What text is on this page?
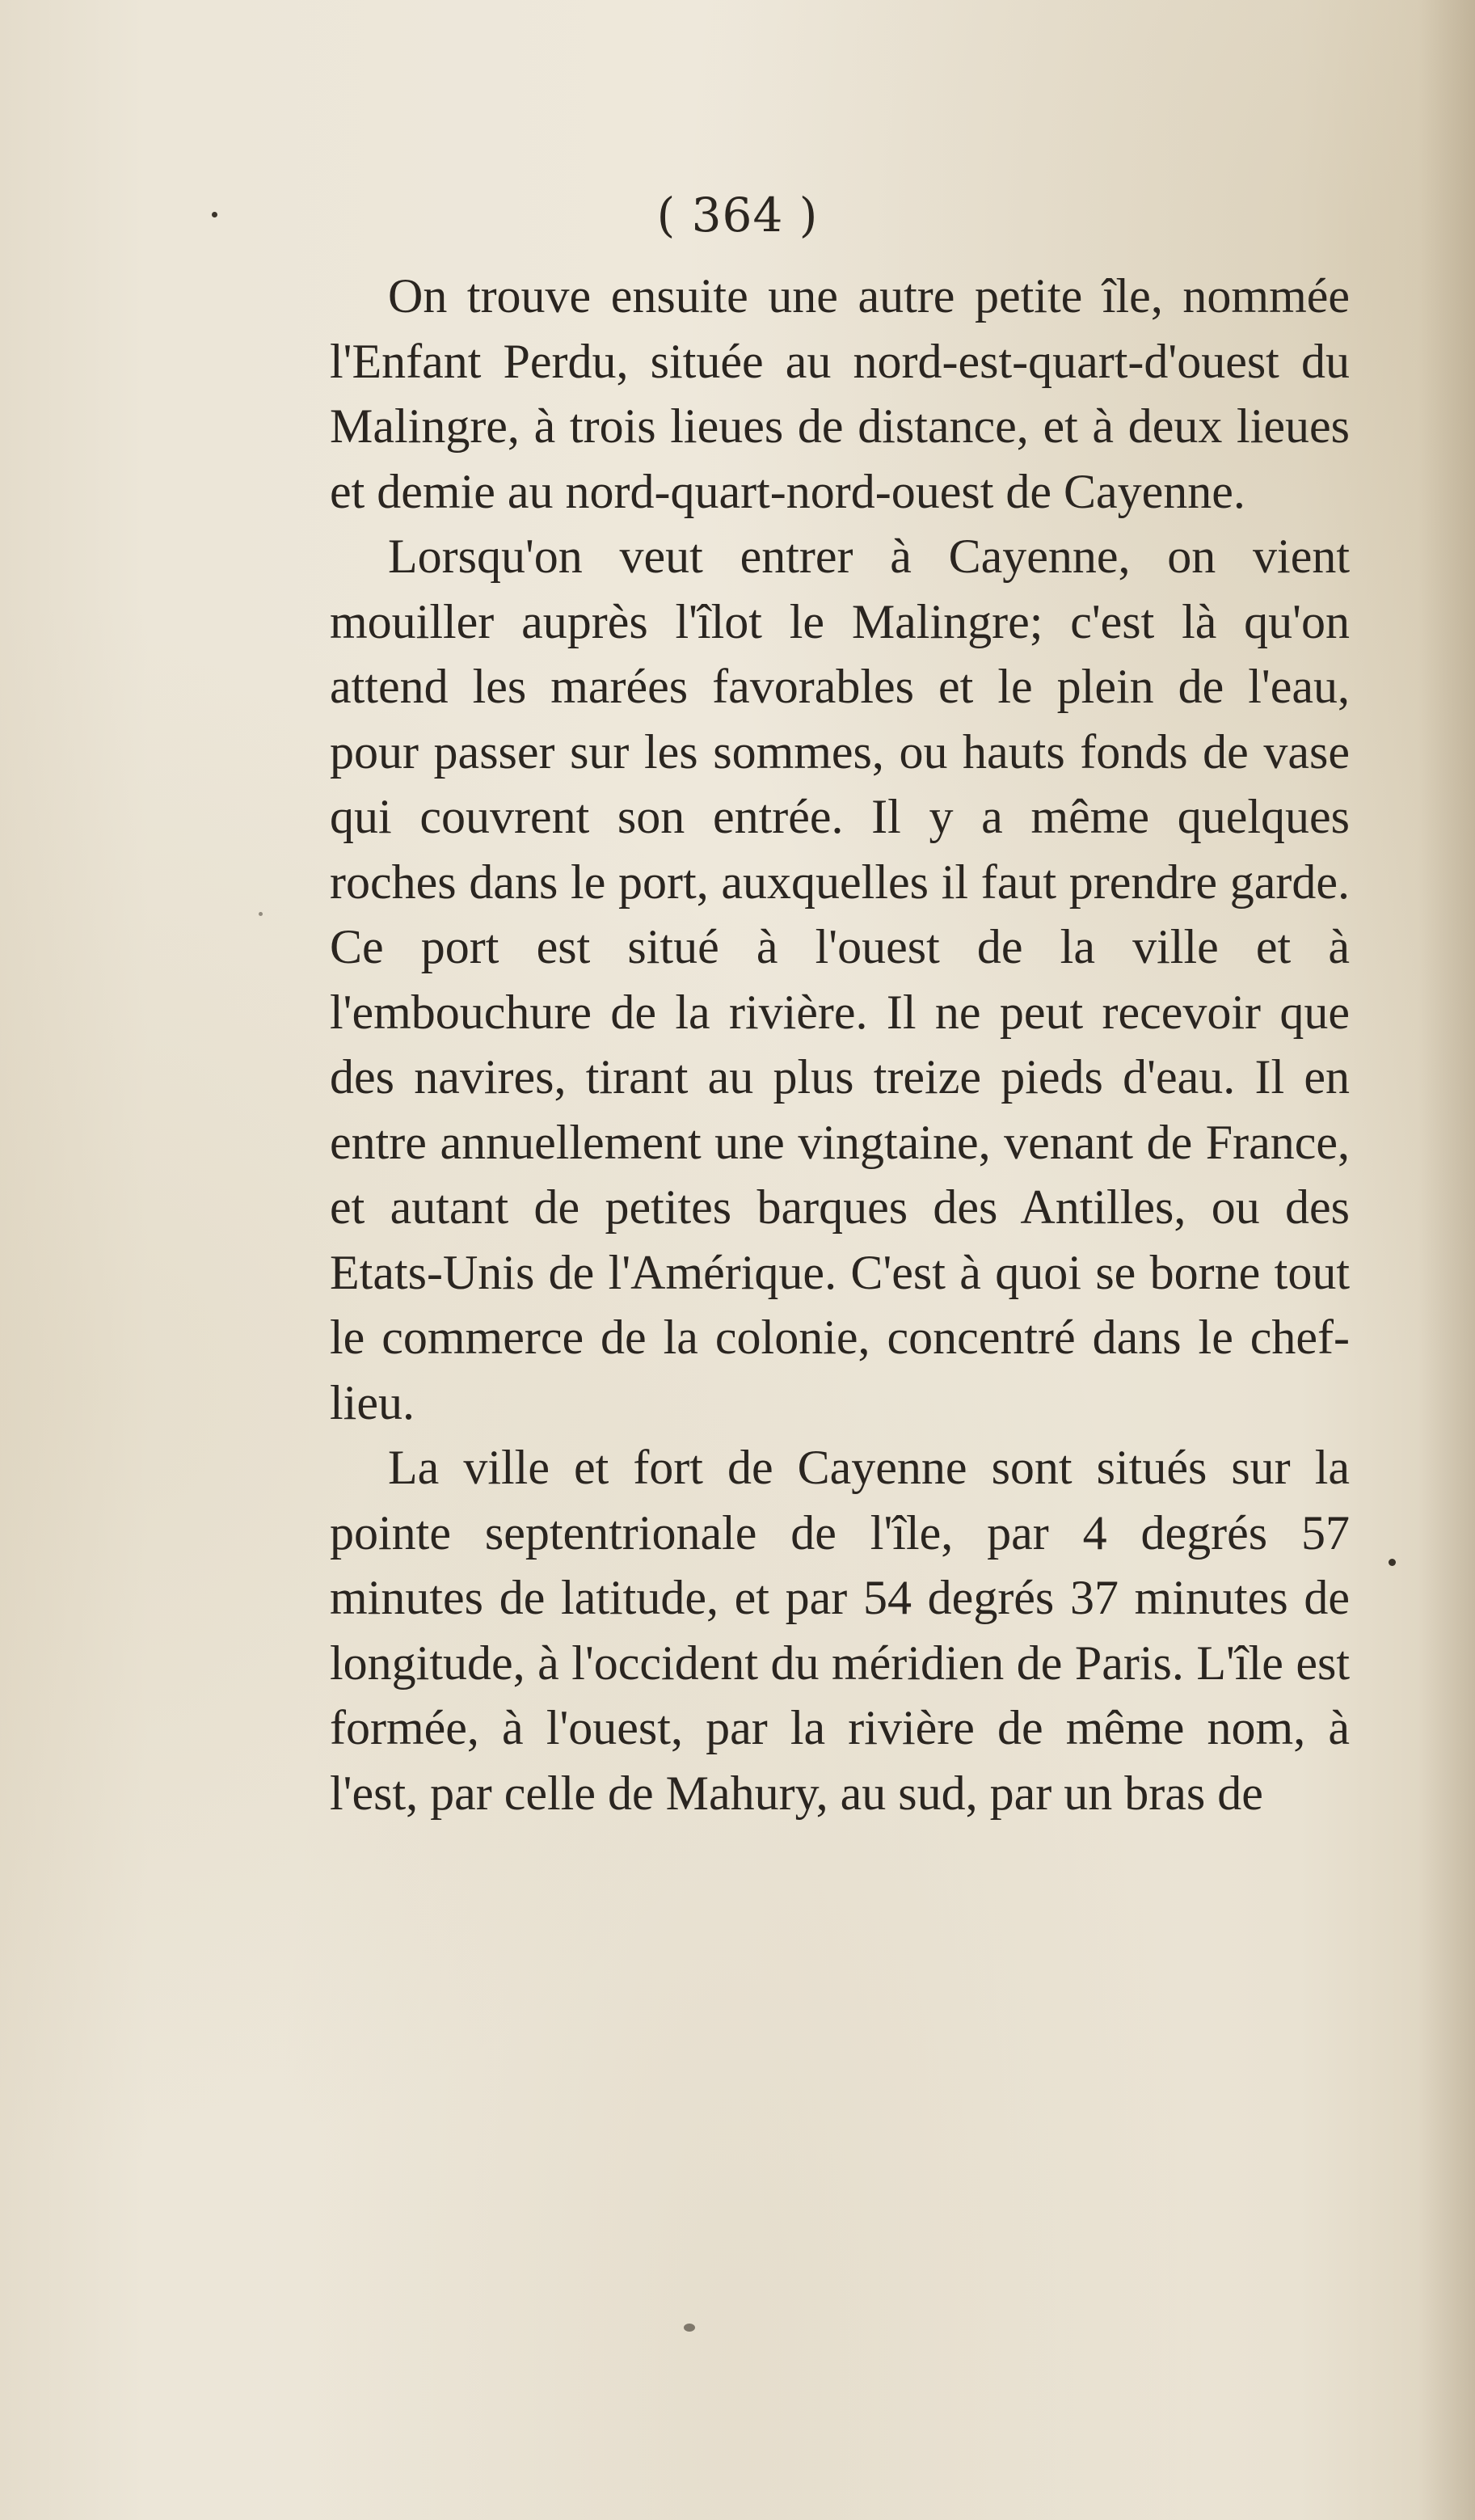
( 364 )

On trouve ensuite une autre petite île, nommée l'Enfant Perdu, située au nord-est-quart-d'ouest du Malingre, à trois lieues de distance, et à deux lieues et demie au nord-quart-nord-ouest de Cayenne.

Lorsqu'on veut entrer à Cayenne, on vient mouiller auprès l'îlot le Malingre; c'est là qu'on attend les marées favorables et le plein de l'eau, pour passer sur les sommes, ou hauts fonds de vase qui couvrent son entrée. Il y a même quelques roches dans le port, auxquelles il faut prendre garde. Ce port est situé à l'ouest de la ville et à l'embouchure de la rivière. Il ne peut recevoir que des navires, tirant au plus treize pieds d'eau. Il en entre annuellement une vingtaine, venant de France, et autant de petites barques des Antilles, ou des Etats-Unis de l'Amérique. C'est à quoi se borne tout le commerce de la colonie, concentré dans le chef-lieu.

La ville et fort de Cayenne sont situés sur la pointe septentrionale de l'île, par 4 degrés 57 minutes de latitude, et par 54 degrés 37 minutes de longitude, à l'occident du méridien de Paris. L'île est formée, à l'ouest, par la rivière de même nom, à l'est, par celle de Mahury, au sud, par un bras de
